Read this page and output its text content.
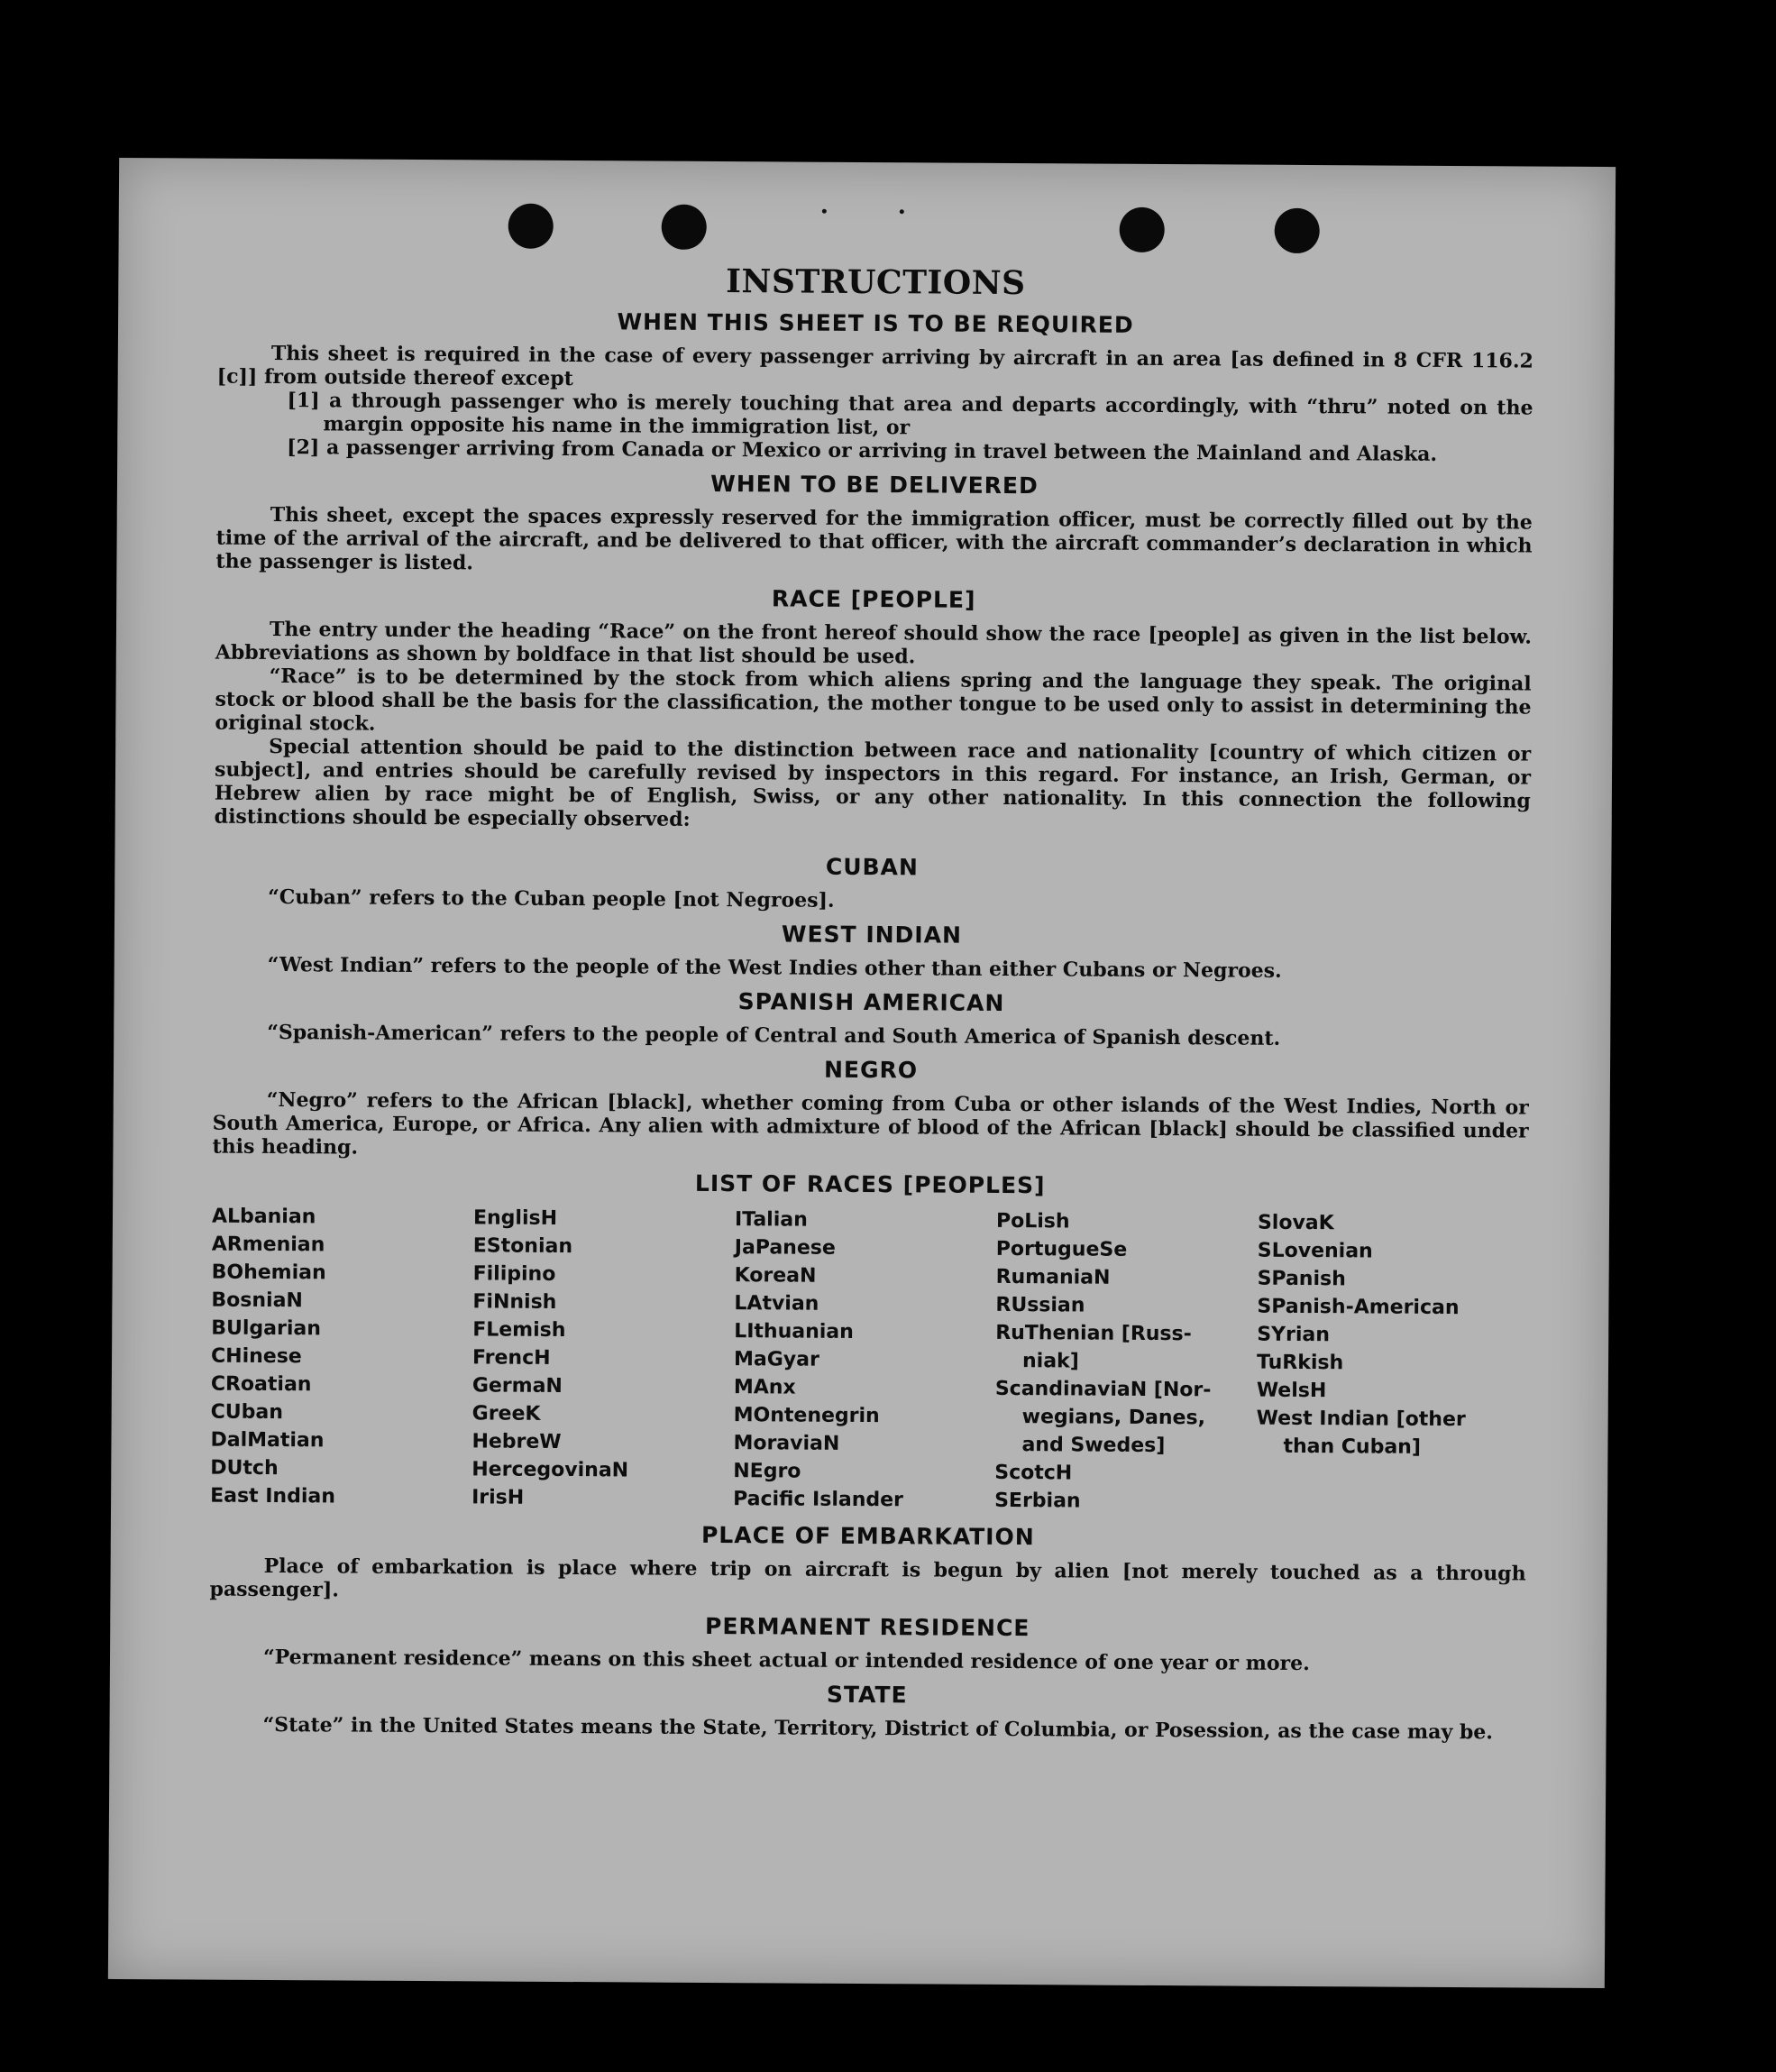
INSTRUCTIONS
WHEN THIS SHEET IS TO BE REQUIRED

This sheet is required in the case of every passenger arriving by aircraft in an area [as defined in 8 CFR 116.2 [c]] from outside thereof except

[1] a through passenger who is merely touching that area and departs accordingly, with “thru” noted on the margin opposite his name in the immigration list, or
[2] a passenger arriving from Canada or Mexico or arriving in travel between the Mainland and Alaska.
WHEN TO BE DELIVERED

This sheet, except the spaces expressly reserved for the immigration officer, must be correctly filled out by the time of the arrival of the aircraft, and be delivered to that officer, with the aircraft commander’s declaration in which the passenger is listed.

RACE [PEOPLE]

The entry under the heading “Race” on the front hereof should show the race [people] as given in the list below. Abbreviations as shown by boldface in that list should be used.

“Race” is to be determined by the stock from which aliens spring and the language they speak. The original stock or blood shall be the basis for the classification, the mother tongue to be used only to assist in determining the original stock.

Special attention should be paid to the distinction between race and nationality [country of which citizen or subject], and entries should be carefully revised by inspectors in this regard. For instance, an Irish, German, or Hebrew alien by race might be of English, Swiss, or any other nationality. In this connection the following distinctions should be especially observed:

CUBAN

“Cuban” refers to the Cuban people [not Negroes].

WEST INDIAN

“West Indian” refers to the people of the West Indies other than either Cubans or Negroes.

SPANISH AMERICAN

“Spanish-American” refers to the people of Central and South America of Spanish descent.

NEGRO

“Negro” refers to the African [black], whether coming from Cuba or other islands of the West Indies, North or South America, Europe, or Africa. Any alien with admixture of blood of the African [black] should be classified under this heading.

LIST OF RACES [PEOPLES]
ALbanian
ARmenian
BOhemian
BosniaN
BUlgarian
CHinese
CRoatian
CUban
DalMatian
DUtch
East Indian
EnglisH
EStonian
Filipino
FiNnish
FLemish
FrencH
GermaN
GreeK
HebreW
HercegovinaN
IrisH
ITalian
JaPanese
KoreaN
LAtvian
LIthuanian
MaGyar
MAnx
MOntenegrin
MoraviaN
NEgro
Pacific Islander
PoLish
PortugueSe
RumaniaN
RUssian
RuThenian [Russ-
niak]
ScandinaviaN [Nor-
wegians, Danes,
and Swedes]
ScotcH
SErbian
SlovaK
SLovenian
SPanish
SPanish-American
SYrian
TuRkish
WelsH
West Indian [other
than Cuban]
PLACE OF EMBARKATION

Place of embarkation is place where trip on aircraft is begun by alien [not merely touched as a through passenger].

PERMANENT RESIDENCE

“Permanent residence” means on this sheet actual or intended residence of one year or more.

STATE

“State” in the United States means the State, Territory, District of Columbia, or Posession, as the case may be.
